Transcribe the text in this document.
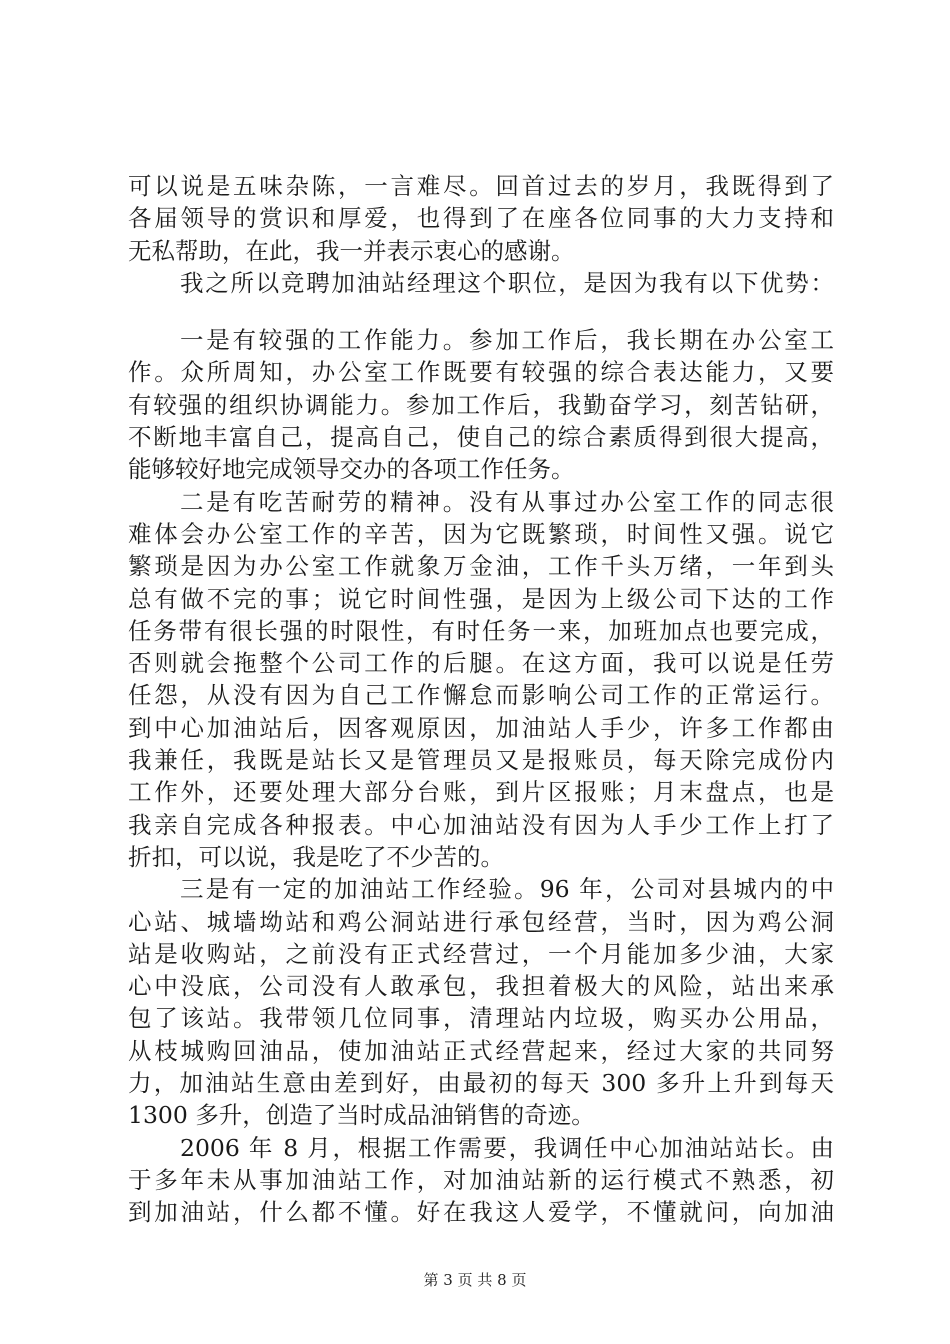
可以说是五味杂陈，一言难尽。回首过去的岁月，我既得到了
各届领导的赏识和厚爱，也得到了在座各位同事的大力支持和
无私帮助，在此，我一并表示衷心的感谢。
我之所以竞聘加油站经理这个职位，是因为我有以下优势：
一是有较强的工作能力。参加工作后，我长期在办公室工
作。众所周知，办公室工作既要有较强的综合表达能力，又要
有较强的组织协调能力。参加工作后，我勤奋学习，刻苦钻研，
不断地丰富自己，提高自己，使自己的综合素质得到很大提高，
能够较好地完成领导交办的各项工作任务。
二是有吃苦耐劳的精神。没有从事过办公室工作的同志很
难体会办公室工作的辛苦，因为它既繁琐，时间性又强。说它
繁琐是因为办公室工作就象万金油，工作千头万绪，一年到头
总有做不完的事；说它时间性强，是因为上级公司下达的工作
任务带有很长强的时限性，有时任务一来，加班加点也要完成，
否则就会拖整个公司工作的后腿。在这方面，我可以说是任劳
任怨，从没有因为自己工作懈怠而影响公司工作的正常运行。
到中心加油站后，因客观原因，加油站人手少，许多工作都由
我兼任，我既是站长又是管理员又是报账员，每天除完成份内
工作外，还要处理大部分台账，到片区报账；月末盘点，也是
我亲自完成各种报表。中心加油站没有因为人手少工作上打了
折扣，可以说，我是吃了不少苦的。
三是有一定的加油站工作经验。96 年，公司对县城内的中
心站、城墙坳站和鸡公洞站进行承包经营，当时，因为鸡公洞
站是收购站，之前没有正式经营过，一个月能加多少油，大家
心中没底，公司没有人敢承包，我担着极大的风险，站出来承
包了该站。我带领几位同事，清理站内垃圾，购买办公用品，
从枝城购回油品，使加油站正式经营起来，经过大家的共同努
力，加油站生意由差到好，由最初的每天 300 多升上升到每天
1300 多升，创造了当时成品油销售的奇迹。
2006 年 8 月，根据工作需要，我调任中心加油站站长。由
于多年未从事加油站工作，对加油站新的运行模式不熟悉，初
到加油站，什么都不懂。好在我这人爱学，不懂就问，向加油
第 3 页 共 8 页
